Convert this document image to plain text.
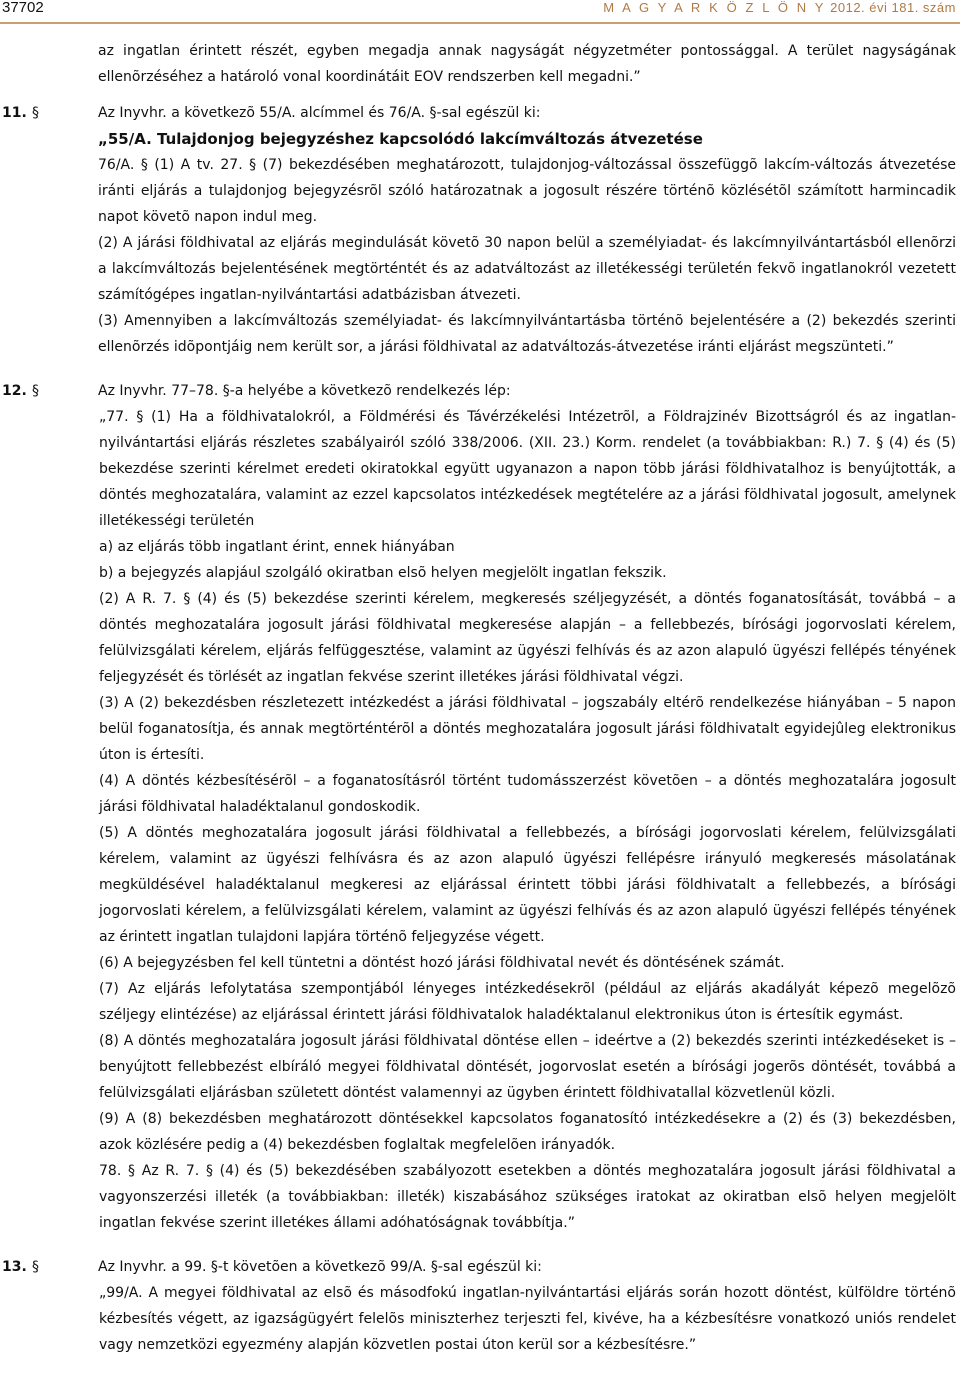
37702	M A G Y A R K Ö Z L Ö N Y 2012. évi 181. szám

az ingatlan érintett részét, egyben megadja annak nagyságát négyzetméter pontossággal. A terület nagyságának ellenõrzéséhez a határoló vonal koordinátáit EOV rendszerben kell megadni.”

11. §	Az Inyvhr. a következõ 55/A. alcímmel és 76/A. §-sal egészül ki:

„55/A. Tulajdonjog bejegyzéshez kapcsolódó lakcímváltozás átvezetése

76/A. § (1) A tv. 27. § (7) bekezdésében meghatározott, tulajdonjog-változással összefüggõ lakcím-változás átvezetése iránti eljárás a tulajdonjog bejegyzésrõl szóló határozatnak a jogosult részére történõ közlésétõl számított harmincadik napot követõ napon indul meg.

(2) A járási földhivatal az eljárás megindulását követõ 30 napon belül a személyiadat- és lakcímnyilvántartásból ellenõrzi a lakcímváltozás bejelentésének megtörténtét és az adatváltozást az illetékességi területén fekvõ ingatlanokról vezetett számítógépes ingatlan-nyilvántartási adatbázisban átvezeti.

(3) Amennyiben a lakcímváltozás személyiadat- és lakcímnyilvántartásba történõ bejelentésére a (2) bekezdés szerinti ellenõrzés idõpontjáig nem került sor, a járási földhivatal az adatváltozás-átvezetése iránti eljárást megszünteti.”

12. §	Az Inyvhr. 77–78. §-a helyébe a következõ rendelkezés lép:

„77. § (1) Ha a földhivatalokról, a Földmérési és Távérzékelési Intézetrõl, a Földrajzinév Bizottságról és az ingatlan-nyilvántartási eljárás részletes szabályairól szóló 338/2006. (XII. 23.) Korm. rendelet (a továbbiakban: R.) 7. § (4) és (5) bekezdése szerinti kérelmet eredeti okiratokkal együtt ugyanazon a napon több járási földhivatalhoz is benyújtották, a döntés meghozatalára, valamint az ezzel kapcsolatos intézkedések megtételére az a járási földhivatal jogosult, amelynek illetékességi területén

a) az eljárás több ingatlant érint, ennek hiányában

b) a bejegyzés alapjául szolgáló okiratban elsõ helyen megjelölt ingatlan fekszik.

(2) A R. 7. § (4) és (5) bekezdése szerinti kérelem, megkeresés széljegyzését, a döntés foganatosítását, továbbá – a döntés meghozatalára jogosult járási földhivatal megkeresése alapján – a fellebbezés, bírósági jogorvoslati kérelem, felülvizsgálati kérelem, eljárás felfüggesztése, valamint az ügyészi felhívás és az azon alapuló ügyészi fellépés tényének feljegyzését és törlését az ingatlan fekvése szerint illetékes járási földhivatal végzi.

(3) A (2) bekezdésben részletezett intézkedést a járási földhivatal – jogszabály eltérõ rendelkezése hiányában – 5 napon belül foganatosítja, és annak megtörténtérõl a döntés meghozatalára jogosult járási földhivatalt egyidejûleg elektronikus úton is értesíti.

(4) A döntés kézbesítésérõl – a foganatosításról történt tudomásszerzést követõen – a döntés meghozatalára jogosult járási földhivatal haladéktalanul gondoskodik.

(5) A döntés meghozatalára jogosult járási földhivatal a fellebbezés, a bírósági jogorvoslati kérelem, felülvizsgálati kérelem, valamint az ügyészi felhívásra és az azon alapuló ügyészi fellépésre irányuló megkeresés másolatának megküldésével haladéktalanul megkeresi az eljárással érintett többi járási földhivatalt a fellebbezés, a bírósági jogorvoslati kérelem, a felülvizsgálati kérelem, valamint az ügyészi felhívás és az azon alapuló ügyészi fellépés tényének az érintett ingatlan tulajdoni lapjára történõ feljegyzése végett.

(6) A bejegyzésben fel kell tüntetni a döntést hozó járási földhivatal nevét és döntésének számát.

(7) Az eljárás lefolytatása szempontjából lényeges intézkedésekrõl (például az eljárás akadályát képezõ megelõzõ széljegy elintézése) az eljárással érintett járási földhivatalok haladéktalanul elektronikus úton is értesítik egymást.

(8) A döntés meghozatalára jogosult járási földhivatal döntése ellen – ideértve a (2) bekezdés szerinti intézkedéseket is – benyújtott fellebbezést elbíráló megyei földhivatal döntését, jogorvoslat esetén a bírósági jogerõs döntését, továbbá a felülvizsgálati eljárásban született döntést valamennyi az ügyben érintett földhivatallal közvetlenül közli.

(9) A (8) bekezdésben meghatározott döntésekkel kapcsolatos foganatosító intézkedésekre a (2) és (3) bekezdésben, azok közlésére pedig a (4) bekezdésben foglaltak megfelelõen irányadók.

78. § Az R. 7. § (4) és (5) bekezdésében szabályozott esetekben a döntés meghozatalára jogosult járási földhivatal a vagyonszerzési illeték (a továbbiakban: illeték) kiszabásához szükséges iratokat az okiratban elsõ helyen megjelölt ingatlan fekvése szerint illetékes állami adóhatóságnak továbbítja.”

13. §	Az Inyvhr. a 99. §-t követõen a következõ 99/A. §-sal egészül ki:

„99/A. A megyei földhivatal az elsõ és másodfokú ingatlan-nyilvántartási eljárás során hozott döntést, külföldre történõ kézbesítés végett, az igazságügyért felelõs miniszterhez terjeszti fel, kivéve, ha a kézbesítésre vonatkozó uniós rendelet vagy nemzetközi egyezmény alapján közvetlen postai úton kerül sor a kézbesítésre.”
